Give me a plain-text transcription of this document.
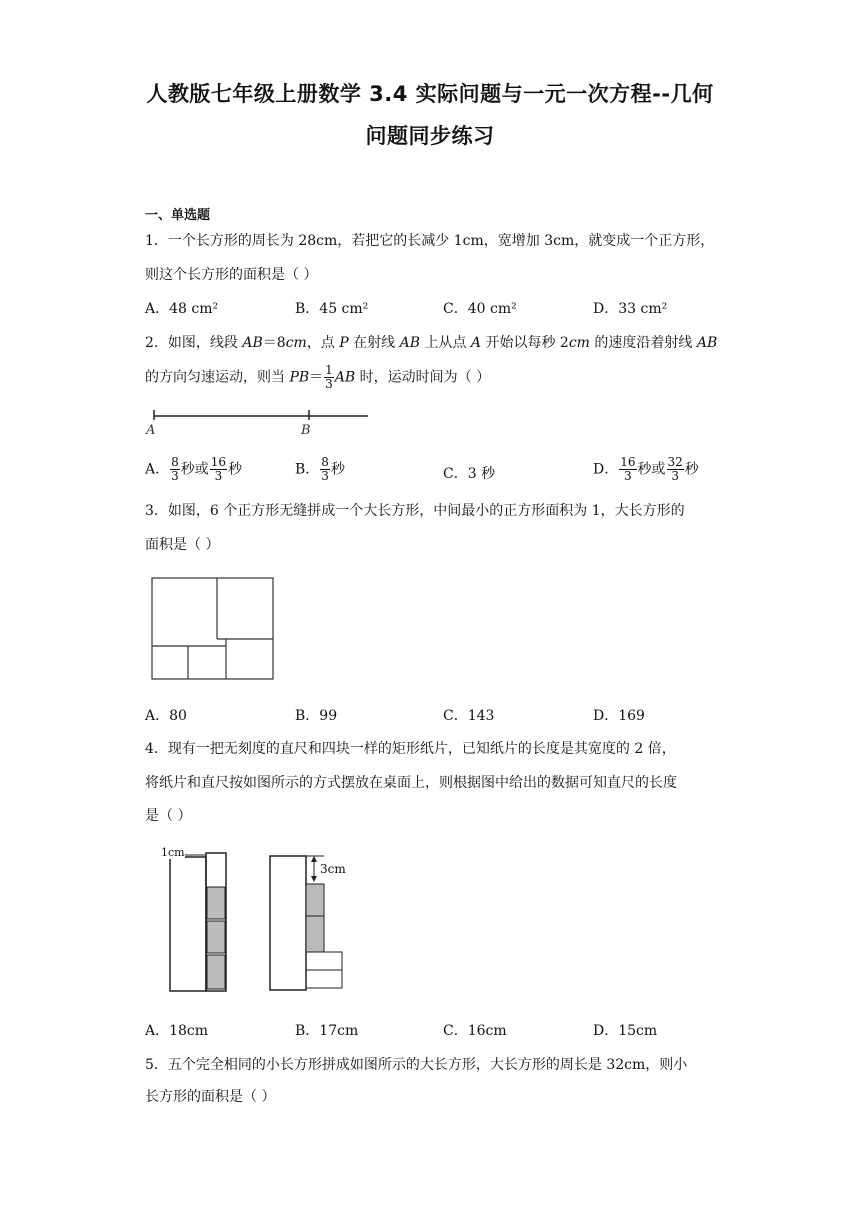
人教版七年级上册数学 3.4 实际问题与一元一次方程--几何
问题同步练习
一、单选题
1．一个长方形的周长为 28cm，若把它的长减少 1cm，宽增加 3cm，就变成一个正方形，
则这个长方形的面积是（ ）
A．48 cm²	B．45 cm²	C．40 cm²	D．33 cm²
2．如图，线段 AB＝8cm，点 P 在射线 AB 上从点 A 开始以每秒 2cm 的速度沿着射线 AB
的方向匀速运动，则当 $PB= \frac{1}{3}$ AB 时，运动时间为（ ）
A	B
A． $\frac{8}{3}$ 秒或 $\frac{16}{3}$ 秒	B． $\frac{8}{3}$ 秒	C．3 秒	D． $\frac{16}{3}$ 秒或 $\frac{32}{3}$ 秒
3．如图，6 个正方形无缝拼成一个大长方形，中间最小的正方形面积为 1，大长方形的
面积是（ ）
A．80	B．99	C．143	D．169
4．现有一把无刻度的直尺和四块一样的矩形纸片，已知纸片的长度是其宽度的 2 倍，
将纸片和直尺按如图所示的方式摆放在桌面上，则根据图中给出的数据可知直尺的长度
是（ ）
1cm
3cm
A．18cm	B．17cm	C．16cm	D．15cm
5．五个完全相同的小长方形拼成如图所示的大长方形，大长方形的周长是 32cm，则小
长方形的面积是（ ）
